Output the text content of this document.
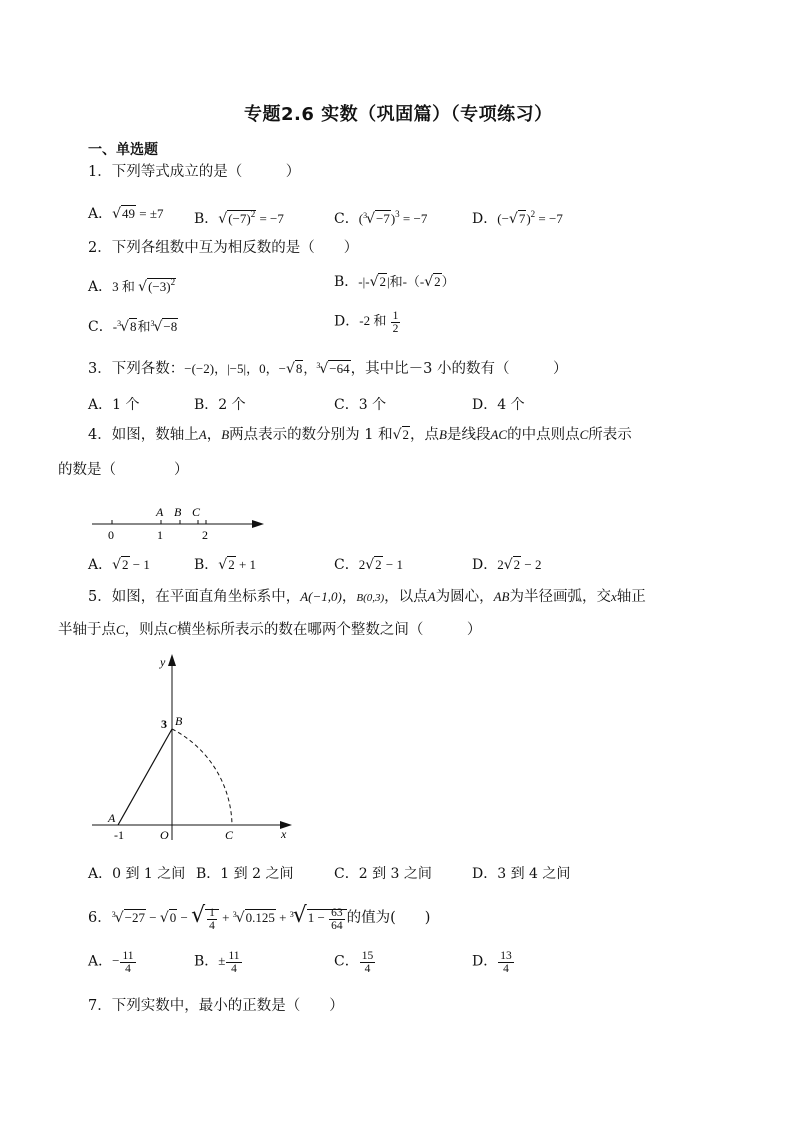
专题2.6 实数（巩固篇）（专项练习）
一、单选题
1．下列等式成立的是（　　　）
A．√49 = ±7 B．$√(-7)^2 = -7$	C．$(^3√-7)^3 = -7$	D．$(-√7)^2 = -7$
2．下列各组数中互为相反数的是（　　）
A．3 和 $√(-3)^2$	B．-|-√2|和-（-√2）
C．-$^3$√8和$^3$√−8	D．-2 和 $\frac{1}{2}$
3．下列各数：−(−2)，|−5|，0，−√8，$^3$√−64，其中比－3 小的数有（　　　）
A．1 个	B．2 个	C．3 个	D．4 个
4．如图，数轴上A，B两点表示的数分别为 1 和√2，点B是线段AC的中点则点C所表示
的数是（　　　　）
A B C
0	1	2
A．√2 − 1	B．√2 + 1	C．2√2 − 1	D．2√2 − 2
5．如图，在平面直角坐标系中，A(−1,0)，B(0,3)，以点A为圆心，AB为半径画弧，交x轴正
半轴于点C，则点C横坐标所表示的数在哪两个整数之间（　　　）
y
x
3 B
A
-1	O	C
A．0 到 1 之间 B．1 到 2 之间	C．2 到 3 之间	D．3 到 4 之间
6．$^3$√−27 − √0 − √ $\frac{1}{4} + ^3√0.125 + ^3√1 - \frac{63}{64}$ 的值为(　　)
A．− $\frac{11}{4}$	B．± $\frac{11}{4}$	C． $\frac{15}{4}$	D． $\frac{13}{4}$
7．下列实数中，最小的正数是（　　）
